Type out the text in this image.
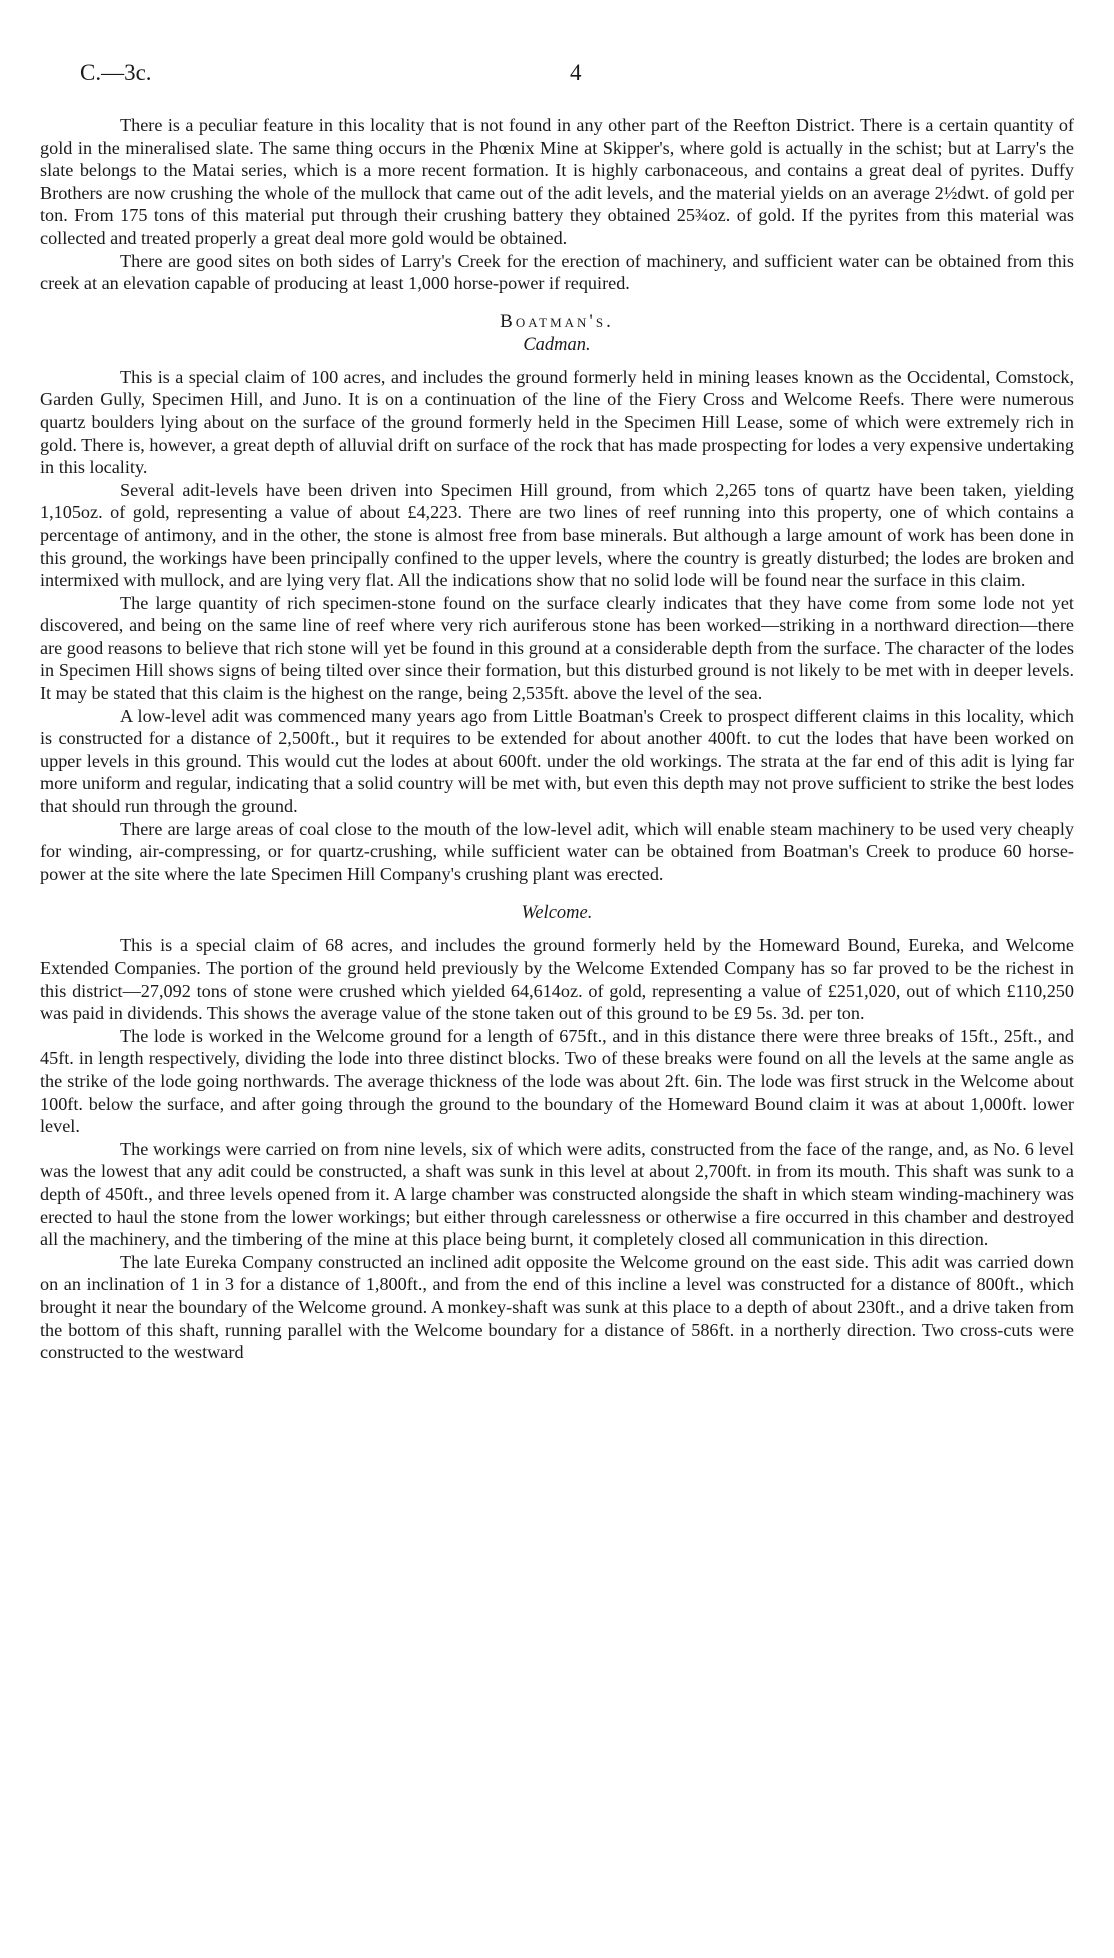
C.—3c.	4

There is a peculiar feature in this locality that is not found in any other part of the Reefton District. There is a certain quantity of gold in the mineralised slate. The same thing occurs in the Phœnix Mine at Skipper's, where gold is actually in the schist; but at Larry's the slate belongs to the Matai series, which is a more recent formation. It is highly carbonaceous, and contains a great deal of pyrites. Duffy Brothers are now crushing the whole of the mullock that came out of the adit levels, and the material yields on an average 2½dwt. of gold per ton. From 175 tons of this material put through their crushing battery they obtained 25¾oz. of gold. If the pyrites from this material was collected and treated properly a great deal more gold would be obtained.

There are good sites on both sides of Larry's Creek for the erection of machinery, and sufficient water can be obtained from this creek at an elevation capable of producing at least 1,000 horse-power if required.

Boatman's.
Cadman.

This is a special claim of 100 acres, and includes the ground formerly held in mining leases known as the Occidental, Comstock, Garden Gully, Specimen Hill, and Juno. It is on a continuation of the line of the Fiery Cross and Welcome Reefs. There were numerous quartz boulders lying about on the surface of the ground formerly held in the Specimen Hill Lease, some of which were extremely rich in gold. There is, however, a great depth of alluvial drift on surface of the rock that has made prospecting for lodes a very expensive undertaking in this locality.

Several adit-levels have been driven into Specimen Hill ground, from which 2,265 tons of quartz have been taken, yielding 1,105oz. of gold, representing a value of about £4,223. There are two lines of reef running into this property, one of which contains a percentage of antimony, and in the other, the stone is almost free from base minerals. But although a large amount of work has been done in this ground, the workings have been principally confined to the upper levels, where the country is greatly disturbed; the lodes are broken and intermixed with mullock, and are lying very flat. All the indications show that no solid lode will be found near the surface in this claim.

The large quantity of rich specimen-stone found on the surface clearly indicates that they have come from some lode not yet discovered, and being on the same line of reef where very rich auriferous stone has been worked—striking in a northward direction—there are good reasons to believe that rich stone will yet be found in this ground at a considerable depth from the surface. The character of the lodes in Specimen Hill shows signs of being tilted over since their formation, but this disturbed ground is not likely to be met with in deeper levels. It may be stated that this claim is the highest on the range, being 2,535ft. above the level of the sea.

A low-level adit was commenced many years ago from Little Boatman's Creek to prospect different claims in this locality, which is constructed for a distance of 2,500ft., but it requires to be extended for about another 400ft. to cut the lodes that have been worked on upper levels in this ground. This would cut the lodes at about 600ft. under the old workings. The strata at the far end of this adit is lying far more uniform and regular, indicating that a solid country will be met with, but even this depth may not prove sufficient to strike the best lodes that should run through the ground.

There are large areas of coal close to the mouth of the low-level adit, which will enable steam machinery to be used very cheaply for winding, air-compressing, or for quartz-crushing, while sufficient water can be obtained from Boatman's Creek to produce 60 horse-power at the site where the late Specimen Hill Company's crushing plant was erected.

Welcome.

This is a special claim of 68 acres, and includes the ground formerly held by the Homeward Bound, Eureka, and Welcome Extended Companies. The portion of the ground held previously by the Welcome Extended Company has so far proved to be the richest in this district—27,092 tons of stone were crushed which yielded 64,614oz. of gold, representing a value of £251,020, out of which £110,250 was paid in dividends. This shows the average value of the stone taken out of this ground to be £9 5s. 3d. per ton.

The lode is worked in the Welcome ground for a length of 675ft., and in this distance there were three breaks of 15ft., 25ft., and 45ft. in length respectively, dividing the lode into three distinct blocks. Two of these breaks were found on all the levels at the same angle as the strike of the lode going northwards. The average thickness of the lode was about 2ft. 6in. The lode was first struck in the Welcome about 100ft. below the surface, and after going through the ground to the boundary of the Homeward Bound claim it was at about 1,000ft. lower level.

The workings were carried on from nine levels, six of which were adits, constructed from the face of the range, and, as No. 6 level was the lowest that any adit could be constructed, a shaft was sunk in this level at about 2,700ft. in from its mouth. This shaft was sunk to a depth of 450ft., and three levels opened from it. A large chamber was constructed alongside the shaft in which steam winding-machinery was erected to haul the stone from the lower workings; but either through carelessness or otherwise a fire occurred in this chamber and destroyed all the machinery, and the timbering of the mine at this place being burnt, it completely closed all communication in this direction.

The late Eureka Company constructed an inclined adit opposite the Welcome ground on the east side. This adit was carried down on an inclination of 1 in 3 for a distance of 1,800ft., and from the end of this incline a level was constructed for a distance of 800ft., which brought it near the boundary of the Welcome ground. A monkey-shaft was sunk at this place to a depth of about 230ft., and a drive taken from the bottom of this shaft, running parallel with the Welcome boundary for a distance of 586ft. in a northerly direction. Two cross-cuts were constructed to the westward
